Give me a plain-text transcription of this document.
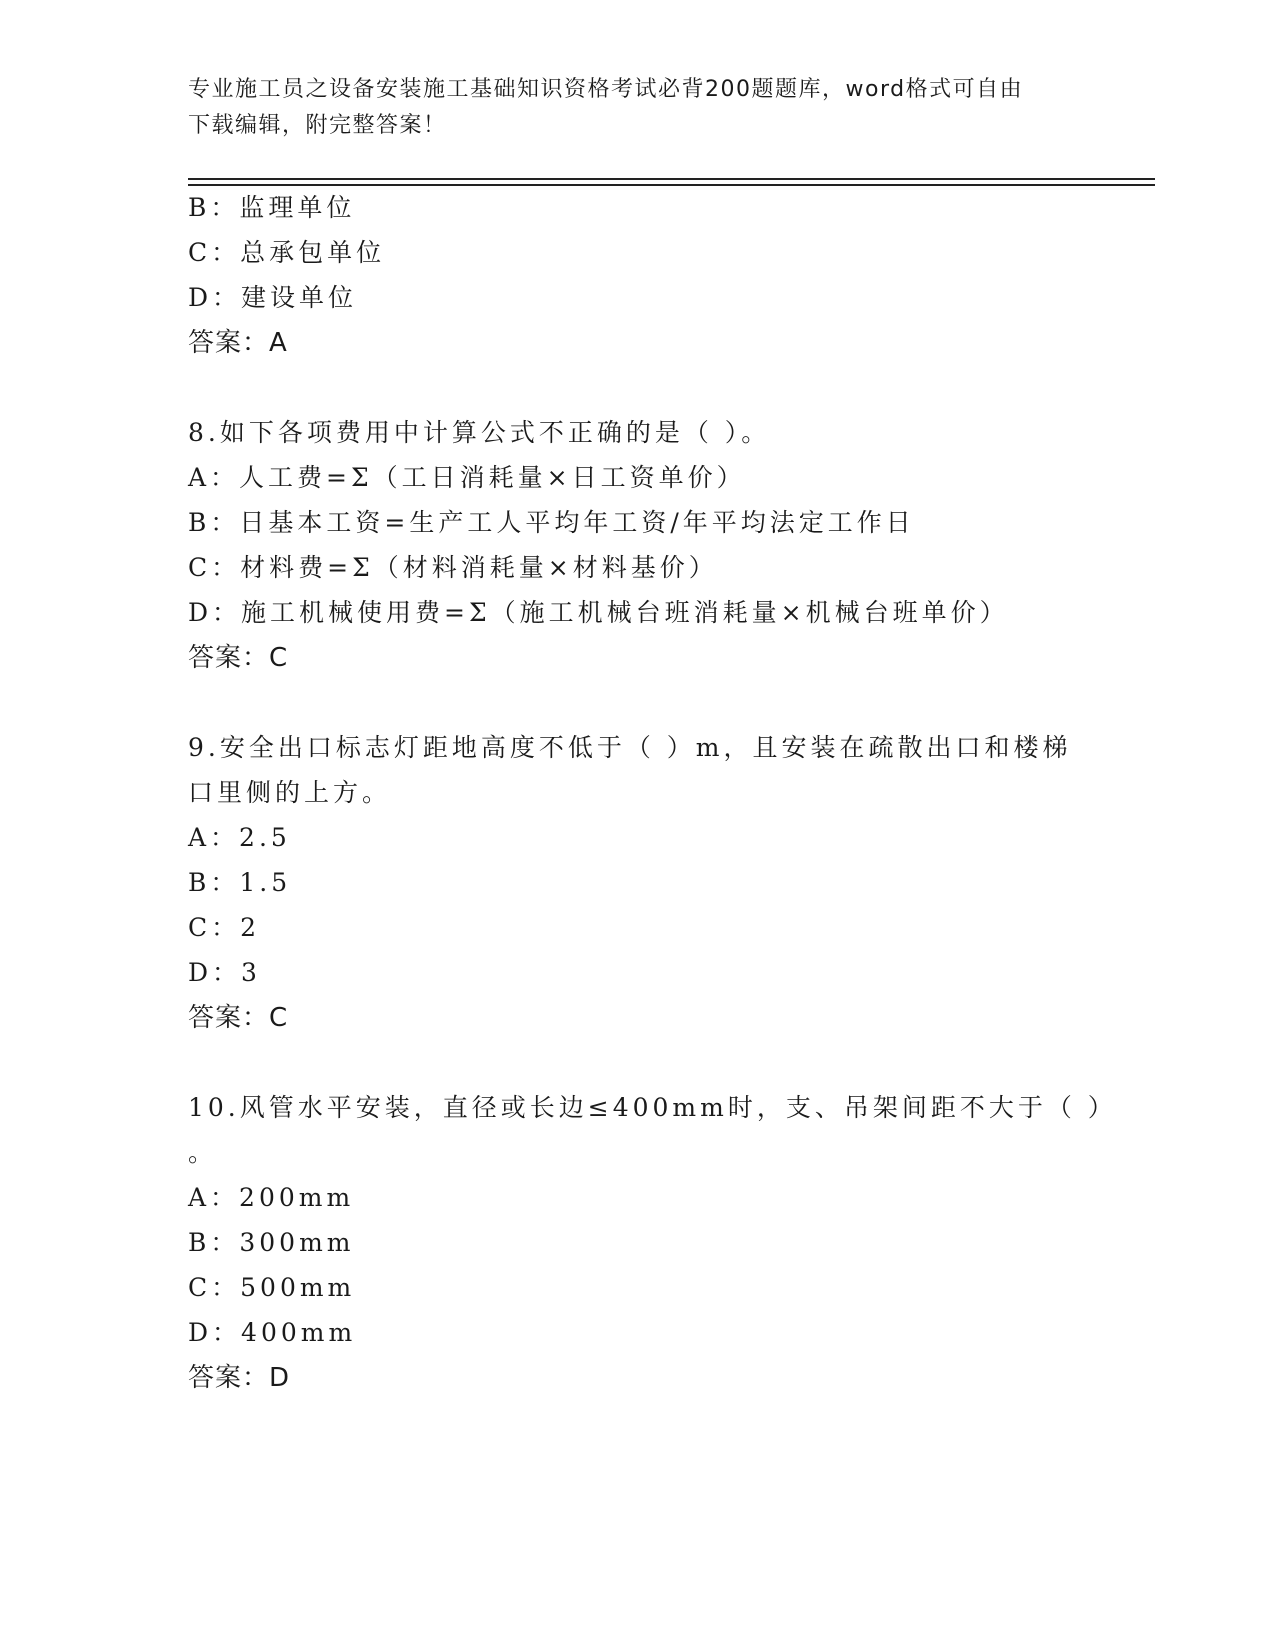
专业施工员之设备安装施工基础知识资格考试必背200题题库，word格式可自由
下载编辑，附完整答案！
B：监理单位
C：总承包单位
D：建设单位
答案：A
8.如下各项费用中计算公式不正确的是（ ）。
A：人工费=Σ（工日消耗量×日工资单价）
B：日基本工资=生产工人平均年工资/年平均法定工作日
C：材料费=Σ（材料消耗量×材料基价）
D：施工机械使用费=Σ（施工机械台班消耗量×机械台班单价）
答案：C
9.安全出口标志灯距地高度不低于（ ）m，且安装在疏散出口和楼梯
口里侧的上方。
A：2.5
B：1.5
C：2
D：3
答案：C
10.风管水平安装，直径或长边≤400mm时，支、吊架间距不大于（ ）
。
A：200mm
B：300mm
C：500mm
D：400mm
答案：D
